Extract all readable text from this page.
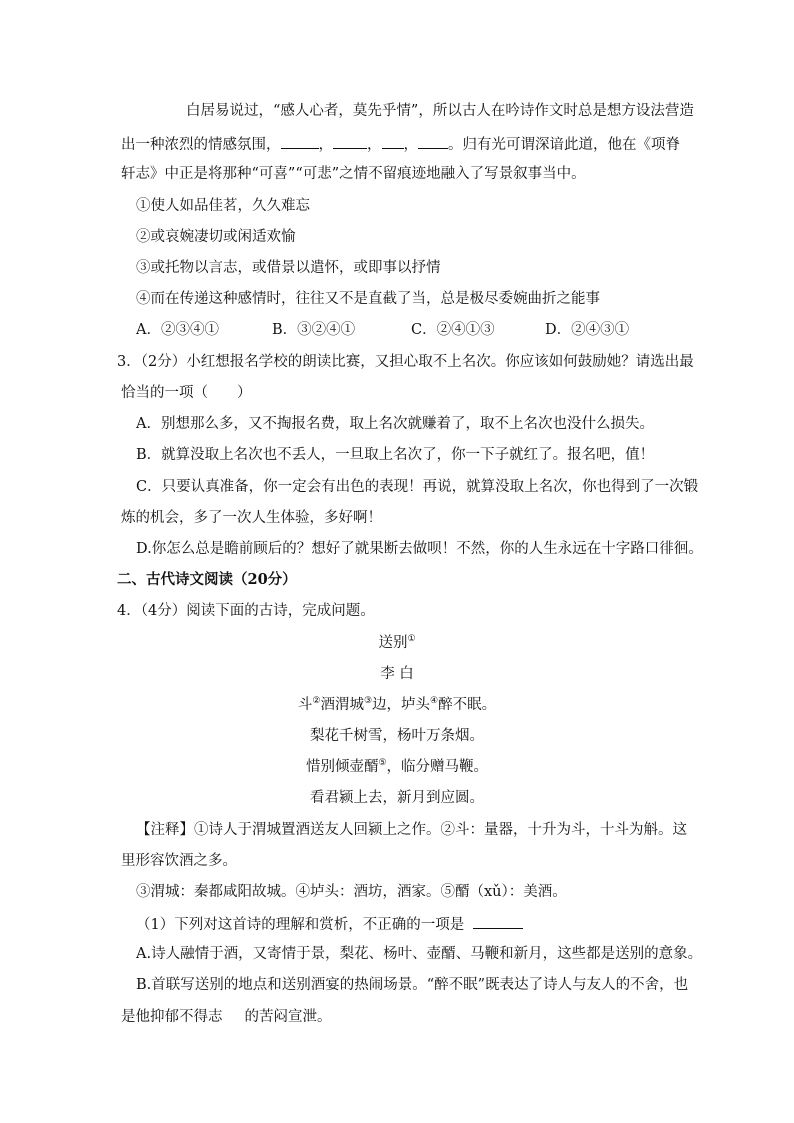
白居易说过，“感人心者，莫先乎情”，所以古人在吟诗作文时总是想方设法营造
出一种浓烈的情感氛围，	， ， ， 。归有光可谓深谙此道，他在《项脊
轩志》中正是将那种“可喜”“可悲”之情不留痕迹地融入了写景叙事当中。
①使人如品佳茗，久久难忘
②或哀婉凄切或闲适欢愉
③或托物以言志，或借景以遣怀，或即事以抒情
④而在传递这种感情时，往往又不是直截了当，总是极尽委婉曲折之能事
A．②③④①	B．③②④①	C．②④①③	D．②④③①
3．（2分）小红想报名学校的朗读比赛，又担心取不上名次。你应该如何鼓励她？请选出最
恰当的一项（　　）
A．别想那么多，又不掏报名费，取上名次就赚着了，取不上名次也没什么损失。
B．就算没取上名次也不丢人，一旦取上名次了，你一下子就红了。报名吧，值！
C．只要认真准备，你一定会有出色的表现！再说，就算没取上名次，你也得到了一次锻
炼的机会，多了一次人生体验，多好啊！
D.你怎么总是瞻前顾后的？想好了就果断去做呗！不然，你的人生永远在十字路口徘徊。
二、古代诗文阅读（20分）
4．（4分）阅读下面的古诗，完成问题。
送别①
李 白
斗②酒渭城③边，垆头④醉不眠。
梨花千树雪，杨叶万条烟。
惜别倾壶醑⑤，临分赠马鞭。
看君颍上去，新月到应圆。
【注释】①诗人于渭城置酒送友人回颍上之作。②斗：量器，十升为斗，十斗为斛。这
里形容饮酒之多。
③渭城：秦都咸阳故城。④垆头：酒坊，酒家。⑤醑（xǔ）：美酒。
（1）下列对这首诗的理解和赏析，不正确的一项是
A.诗人融情于酒，又寄情于景，梨花、杨叶、壶醑、马鞭和新月，这些都是送别的意象。
B.首联写送别的地点和送别酒宴的热闹场景。“醉不眠”既表达了诗人与友人的不舍，也
是他抑郁不得志 的苦闷宣泄。
